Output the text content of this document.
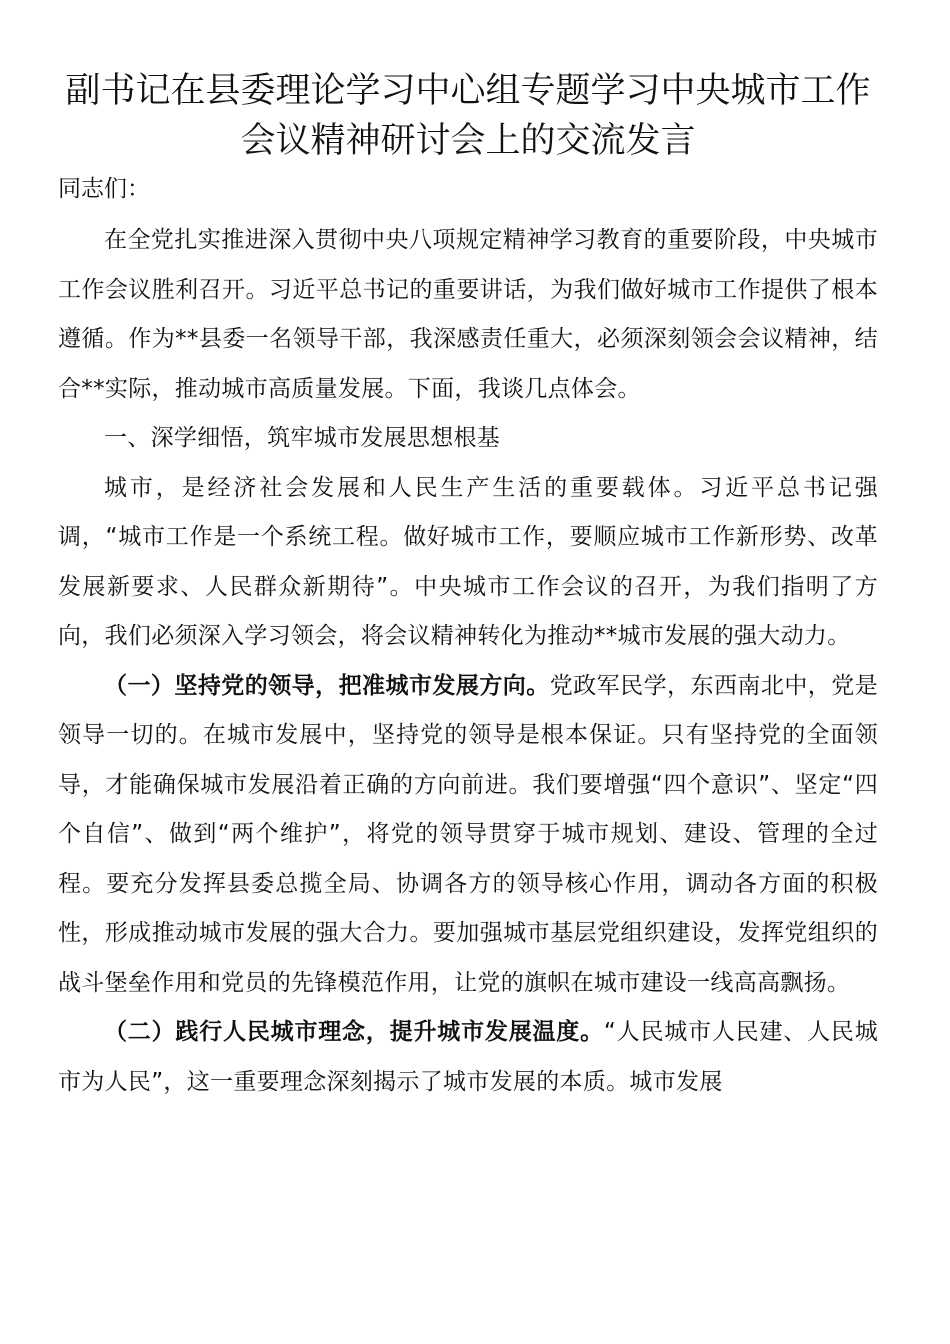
副书记在县委理论学习中心组专题学习中央城市工作会议精神研讨会上的交流发言
同志们：

在全党扎实推进深入贯彻中央八项规定精神学习教育的重要阶段，中央城市工作会议胜利召开。习近平总书记的重要讲话，为我们做好城市工作提供了根本遵循。作为**县委一名领导干部，我深感责任重大，必须深刻领会会议精神，结合**实际，推动城市高质量发展。下面，我谈几点体会。

一、深学细悟，筑牢城市发展思想根基

城市，是经济社会发展和人民生产生活的重要载体。习近平总书记强调，“城市工作是一个系统工程。做好城市工作，要顺应城市工作新形势、改革发展新要求、人民群众新期待”。中央城市工作会议的召开，为我们指明了方向，我们必须深入学习领会，将会议精神转化为推动**城市发展的强大动力。

（一）坚持党的领导，把准城市发展方向。党政军民学，东西南北中，党是领导一切的。在城市发展中，坚持党的领导是根本保证。只有坚持党的全面领导，才能确保城市发展沿着正确的方向前进。我们要增强“四个意识”、坚定“四个自信”、做到“两个维护”，将党的领导贯穿于城市规划、建设、管理的全过程。要充分发挥县委总揽全局、协调各方的领导核心作用，调动各方面的积极性，形成推动城市发展的强大合力。要加强城市基层党组织建设，发挥党组织的战斗堡垒作用和党员的先锋模范作用，让党的旗帜在城市建设一线高高飘扬。

（二）践行人民城市理念，提升城市发展温度。“人民城市人民建、人民城市为人民”，这一重要理念深刻揭示了城市发展的本质。城市发展
